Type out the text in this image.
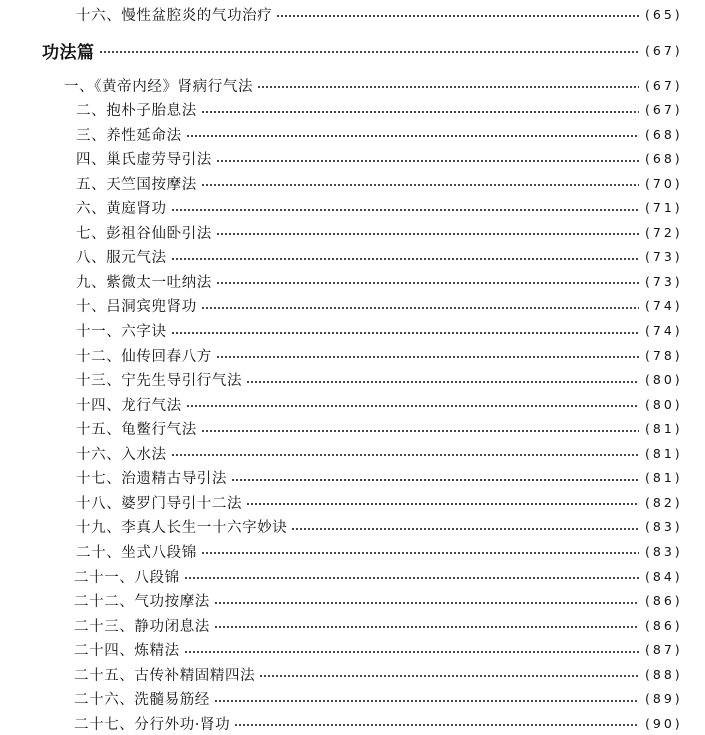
十六、慢性盆腔炎的气功治疗	(65)
功法篇	(67)
一、《黄帝内经》肾病行气法	(67)
二、抱朴子胎息法	(67)
三、养性延命法	(68)
四、巢氏虚劳导引法	(68)
五、天竺国按摩法	(70)
六、黄庭肾功	(71)
七、彭祖谷仙卧引法	(72)
八、服元气法	(73)
九、紫微太一吐纳法	(73)
十、吕洞宾兜肾功	(74)
十一、六字诀	(74)
十二、仙传回春八方	(78)
十三、宁先生导引行气法	(80)
十四、龙行气法	(80)
十五、龟鳖行气法	(81)
十六、入水法	(81)
十七、治遗精古导引法	(81)
十八、婆罗门导引十二法	(82)
十九、李真人长生一十六字妙诀	(83)
二十、坐式八段锦	(83)
二十一、八段锦	(84)
二十二、气功按摩法	(86)
二十三、静功闭息法	(86)
二十四、炼精法	(87)
二十五、古传补精固精四法	(88)
二十六、洗髓易筋经	(89)
二十七、分行外功·肾功	(90)
